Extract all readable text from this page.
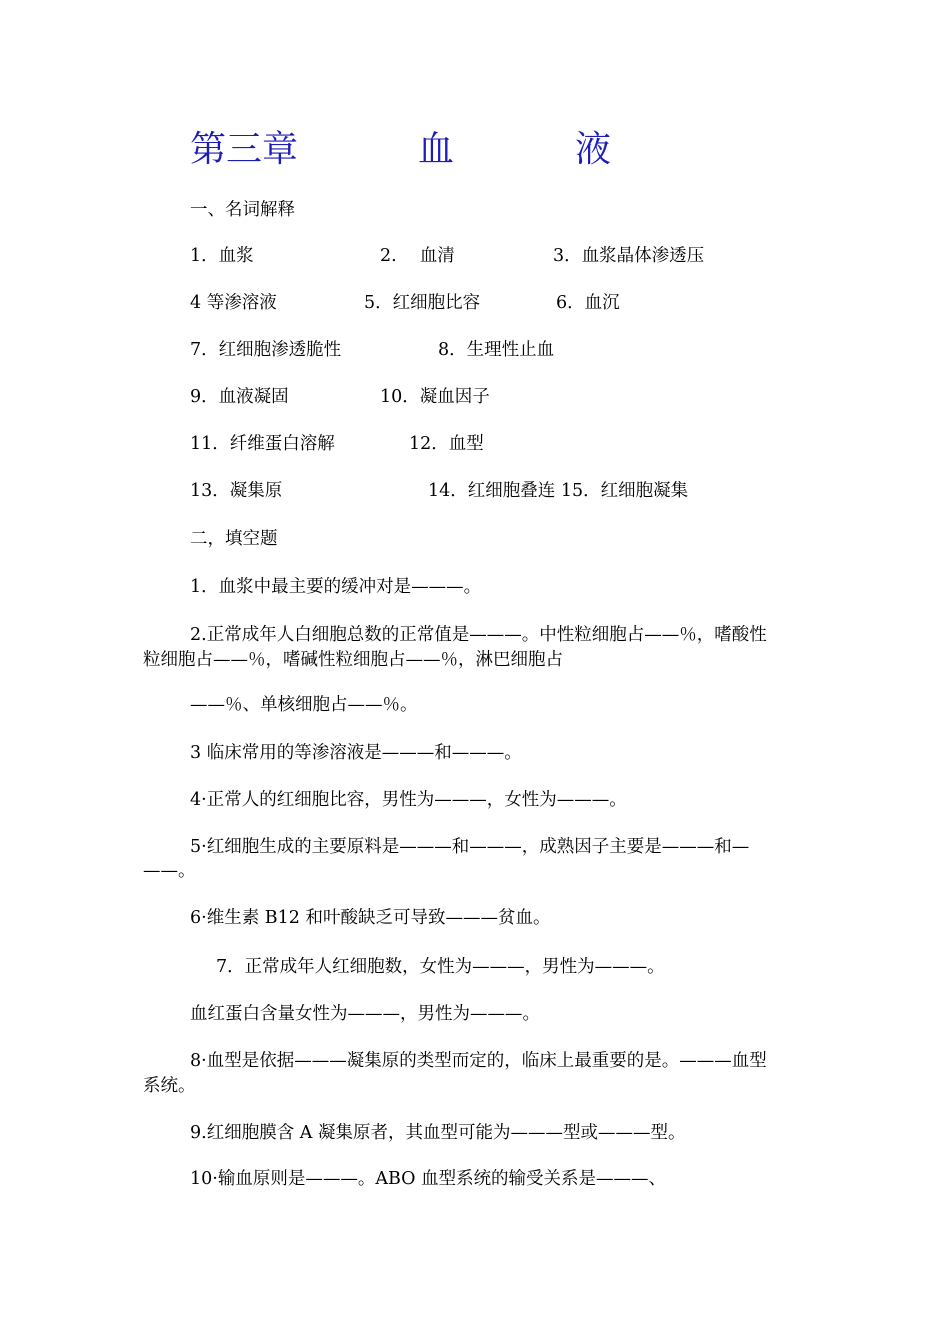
第三章	血	液
一、名词解释
1．血浆	2.　 血清	3．血浆晶体渗透压
4 等渗溶液	5．红细胞比容	6．血沉
7．红细胞渗透脆性	8．生理性止血
9．血液凝固	10．凝血因子
11．纤维蛋白溶解	12．血型
13．凝集原	14．红细胞叠连 15．红细胞凝集
二，填空题
1．血浆中最主要的缓冲对是———。
2.正常成年人白细胞总数的正常值是———。中性粒细胞占——％，嗜酸性
粒细胞占——％，嗜碱性粒细胞占——％，淋巴细胞占
——％、单核细胞占——％。
3 临床常用的等渗溶液是———和———。
4·正常人的红细胞比容，男性为———，女性为———。
5·红细胞生成的主要原料是———和———，成熟因子主要是———和—
——。
6·维生素 B12 和叶酸缺乏可导致———贫血。
7．正常成年人红细胞数，女性为———，男性为———。
血红蛋白含量女性为———，男性为———。
8·血型是依据———凝集原的类型而定的，临床上最重要的是。———血型
系统。
9.红细胞膜含 A 凝集原者，其血型可能为———型或———型。
10·输血原则是———。ABO 血型系统的输受关系是———、
